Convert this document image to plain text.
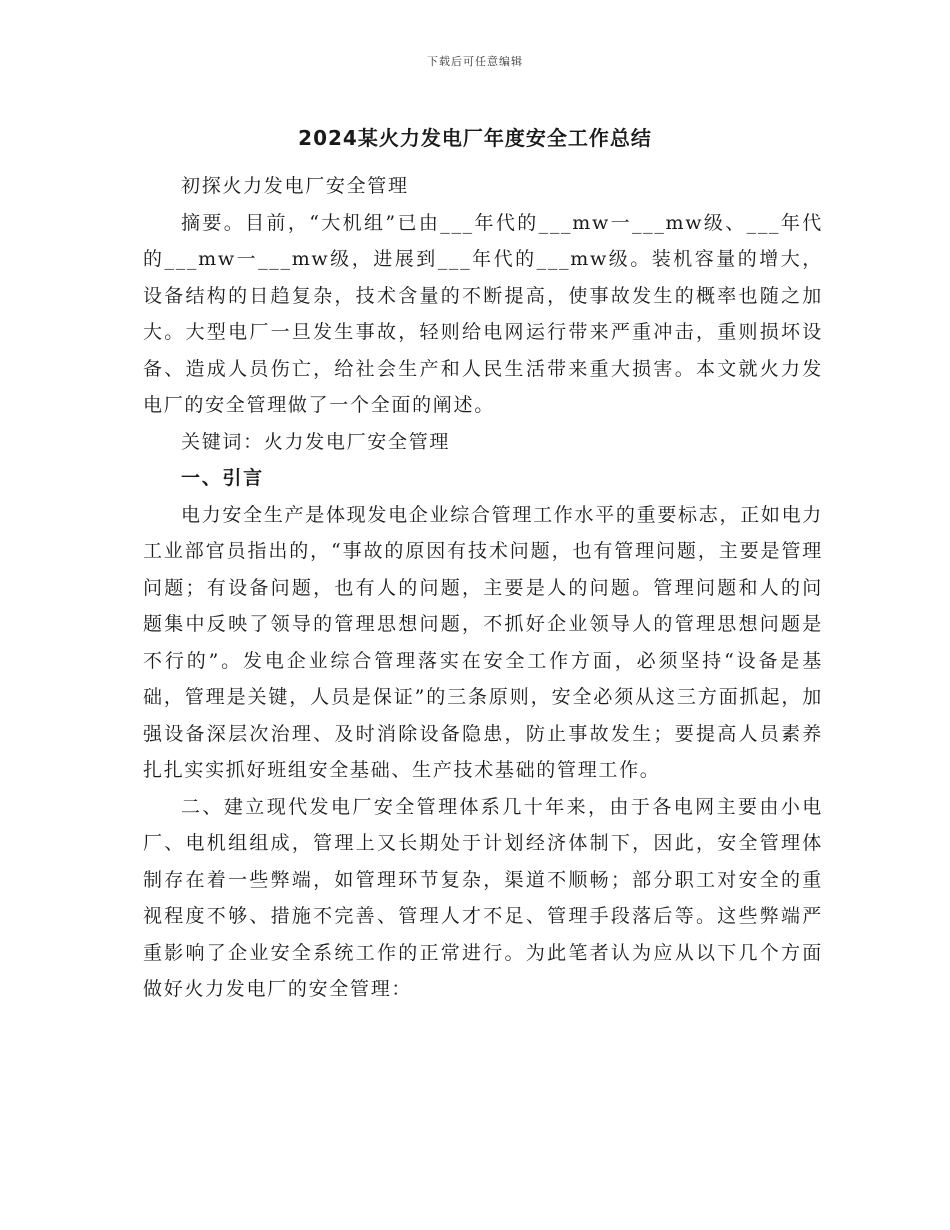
下载后可任意编辑
2024某火力发电厂年度安全工作总结

初探火力发电厂安全管理

摘要。目前，“大机组”已由___年代的___mw一___mw级、___年代的___mw一___mw级，进展到___年代的___mw级。装机容量的增大，设备结构的日趋复杂，技术含量的不断提高，使事故发生的概率也随之加大。大型电厂一旦发生事故，轻则给电网运行带来严重冲击，重则损坏设备、造成人员伤亡，给社会生产和人民生活带来重大损害。本文就火力发电厂的安全管理做了一个全面的阐述。

关键词：火力发电厂安全管理

一、引言

电力安全生产是体现发电企业综合管理工作水平的重要标志，正如电力工业部官员指出的，“事故的原因有技术问题，也有管理问题，主要是管理问题；有设备问题，也有人的问题，主要是人的问题。管理问题和人的问题集中反映了领导的管理思想问题，不抓好企业领导人的管理思想问题是不行的”。发电企业综合管理落实在安全工作方面，必须坚持“设备是基础，管理是关键，人员是保证”的三条原则，安全必须从这三方面抓起，加强设备深层次治理、及时消除设备隐患，防止事故发生；要提高人员素养扎扎实实抓好班组安全基础、生产技术基础的管理工作。

二、建立现代发电厂安全管理体系几十年来，由于各电网主要由小电厂、电机组组成，管理上又长期处于计划经济体制下，因此，安全管理体制存在着一些弊端，如管理环节复杂，渠道不顺畅；部分职工对安全的重视程度不够、措施不完善、管理人才不足、管理手段落后等。这些弊端严重影响了企业安全系统工作的正常进行。为此笔者认为应从以下几个方面做好火力发电厂的安全管理：
